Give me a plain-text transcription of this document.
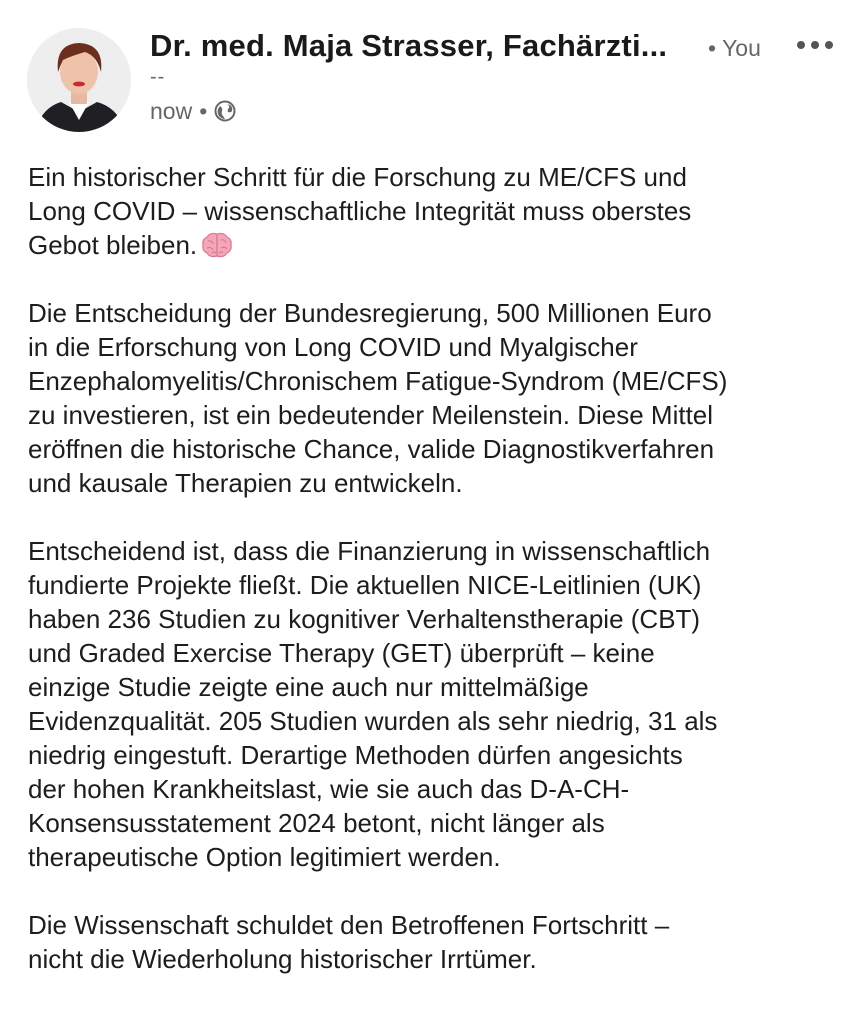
Dr. med. Maja Strasser, Fachärzti... • You
--
now •

Ein historischer Schritt für die Forschung zu ME/CFS und
Long COVID – wissenschaftliche Integrität muss oberstes
Gebot bleiben.

Die Entscheidung der Bundesregierung, 500 Millionen Euro
in die Erforschung von Long COVID und Myalgischer
Enzephalomyelitis/Chronischem Fatigue-Syndrom (ME/CFS)
zu investieren, ist ein bedeutender Meilenstein. Diese Mittel
eröffnen die historische Chance, valide Diagnostikverfahren
und kausale Therapien zu entwickeln.

Entscheidend ist, dass die Finanzierung in wissenschaftlich
fundierte Projekte fließt. Die aktuellen NICE-Leitlinien (UK)
haben 236 Studien zu kognitiver Verhaltenstherapie (CBT)
und Graded Exercise Therapy (GET) überprüft – keine
einzige Studie zeigte eine auch nur mittelmäßige
Evidenzqualität. 205 Studien wurden als sehr niedrig, 31 als
niedrig eingestuft. Derartige Methoden dürfen angesichts
der hohen Krankheitslast, wie sie auch das D-A-CH-
Konsensusstatement 2024 betont, nicht länger als
therapeutische Option legitimiert werden.

Die Wissenschaft schuldet den Betroffenen Fortschritt –
nicht die Wiederholung historischer Irrtümer.
